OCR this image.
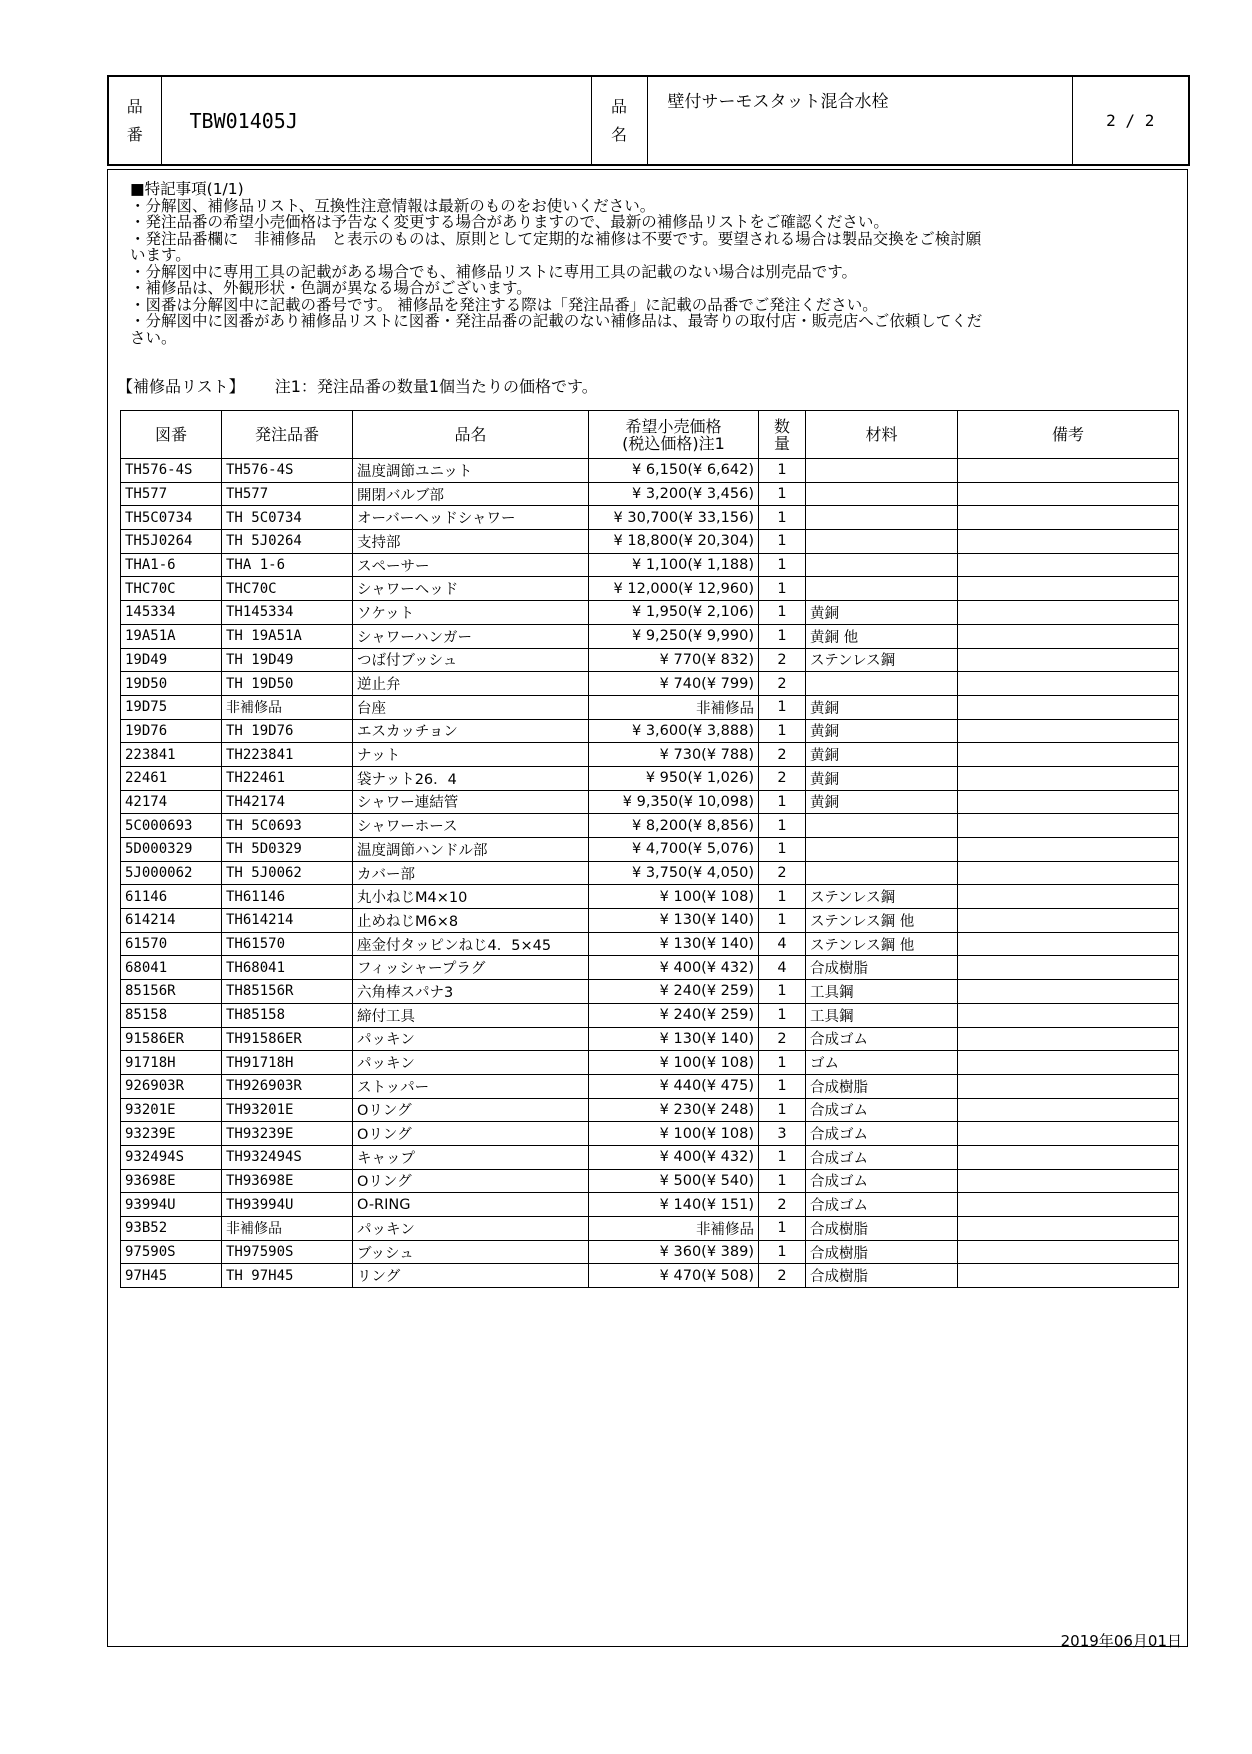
品
番
	TBW01405J	
品
名
	壁付サーモスタット混合水栓	2 / 2
■特記事項(1/1)
・分解図、補修品リスト、互換性注意情報は最新のものをお使いください。
・発注品番の希望小売価格は予告なく変更する場合がありますので、最新の補修品リストをご確認ください。
・発注品番欄に　非補修品　と表示のものは、原則として定期的な補修は不要です。要望される場合は製品交換をご検討願
います。
・分解図中に専用工具の記載がある場合でも、補修品リストに専用工具の記載のない場合は別売品です。
・補修品は、外観形状・色調が異なる場合がございます。
・図番は分解図中に記載の番号です。 補修品を発注する際は「発注品番」に記載の品番でご発注ください。
・分解図中に図番があり補修品リストに図番・発注品番の記載のない補修品は、最寄りの取付店・販売店へご依頼してくだ
さい。
【補修品リスト】 注1：発注品番の数量1個当たりの価格です。
図番	発注品番	品名	希望小売価格
(税込価格)注1	数
量	材料	備考
TH576-4S	TH576-4S	温度調節ユニット	¥ 6,150(¥ 6,642)	1		
TH577	TH577	開閉バルブ部	¥ 3,200(¥ 3,456)	1		
TH5C0734	TH 5C0734	オーバーヘッドシャワー	¥ 30,700(¥ 33,156)	1		
TH5J0264	TH 5J0264	支持部	¥ 18,800(¥ 20,304)	1		
THA1-6	THA 1-6	スペーサー	¥ 1,100(¥ 1,188)	1		
THC70C	THC70C	シャワーヘッド	¥ 12,000(¥ 12,960)	1		
145334	TH145334	ソケット	¥ 1,950(¥ 2,106)	1	黄銅	
19A51A	TH 19A51A	シャワーハンガー	¥ 9,250(¥ 9,990)	1	黄銅 他	
19D49	TH 19D49	つば付ブッシュ	¥ 770(¥ 832)	2	ステンレス鋼	
19D50	TH 19D50	逆止弁	¥ 740(¥ 799)	2		
19D75	非補修品	台座	非補修品	1	黄銅	
19D76	TH 19D76	エスカッチョン	¥ 3,600(¥ 3,888)	1	黄銅	
223841	TH223841	ナット	¥ 730(¥ 788)	2	黄銅	
22461	TH22461	袋ナット26．4	¥ 950(¥ 1,026)	2	黄銅	
42174	TH42174	シャワー連結管	¥ 9,350(¥ 10,098)	1	黄銅	
5C000693	TH 5C0693	シャワーホース	¥ 8,200(¥ 8,856)	1		
5D000329	TH 5D0329	温度調節ハンドル部	¥ 4,700(¥ 5,076)	1		
5J000062	TH 5J0062	カバー部	¥ 3,750(¥ 4,050)	2		
61146	TH61146	丸小ねじM4×10	¥ 100(¥ 108)	1	ステンレス鋼	
614214	TH614214	止めねじM6×8	¥ 130(¥ 140)	1	ステンレス鋼 他	
61570	TH61570	座金付タッピンねじ4．5×45	¥ 130(¥ 140)	4	ステンレス鋼 他	
68041	TH68041	フィッシャープラグ	¥ 400(¥ 432)	4	合成樹脂	
85156R	TH85156R	六角棒スパナ3	¥ 240(¥ 259)	1	工具鋼	
85158	TH85158	締付工具	¥ 240(¥ 259)	1	工具鋼	
91586ER	TH91586ER	パッキン	¥ 130(¥ 140)	2	合成ゴム	
91718H	TH91718H	パッキン	¥ 100(¥ 108)	1	ゴム	
926903R	TH926903R	ストッパー	¥ 440(¥ 475)	1	合成樹脂	
93201E	TH93201E	Oリング	¥ 230(¥ 248)	1	合成ゴム	
93239E	TH93239E	Oリング	¥ 100(¥ 108)	3	合成ゴム	
932494S	TH932494S	キャップ	¥ 400(¥ 432)	1	合成ゴム	
93698E	TH93698E	Oリング	¥ 500(¥ 540)	1	合成ゴム	
93994U	TH93994U	O-RING	¥ 140(¥ 151)	2	合成ゴム	
93B52	非補修品	パッキン	非補修品	1	合成樹脂	
97590S	TH97590S	ブッシュ	¥ 360(¥ 389)	1	合成樹脂	
97H45	TH 97H45	リング	¥ 470(¥ 508)	2	合成樹脂	
2019年06月01日
